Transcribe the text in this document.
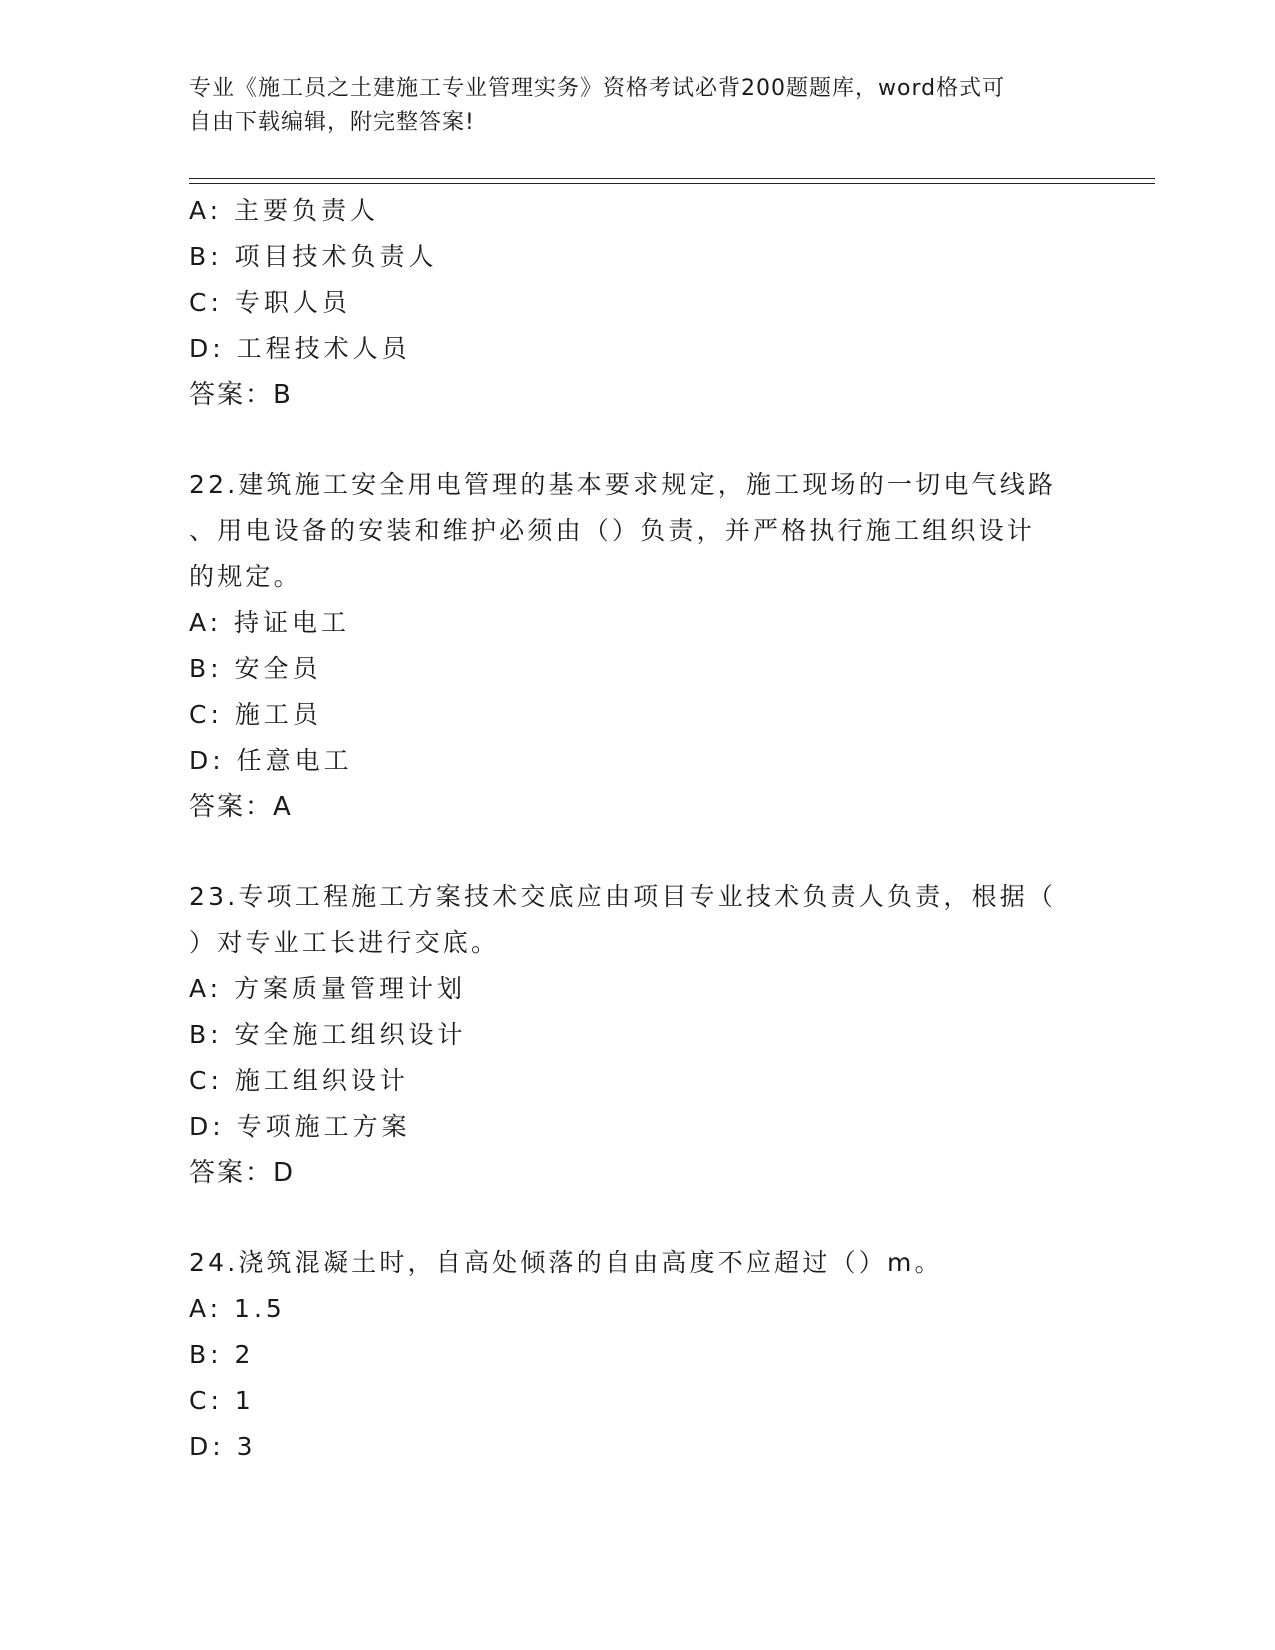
专业《施工员之土建施工专业管理实务》资格考试必背200题题库，word格式可
自由下载编辑，附完整答案!
A: 主要负责人
B: 项目技术负责人
C: 专职人员
D: 工程技术人员
答案：B
22.建筑施工安全用电管理的基本要求规定，施工现场的一切电气线路
、用电设备的安装和维护必须由（）负责，并严格执行施工组织设计
的规定。
A: 持证电工
B: 安全员
C: 施工员
D: 任意电工
答案：A
23.专项工程施工方案技术交底应由项目专业技术负责人负责，根据（
）对专业工长进行交底。
A: 方案质量管理计划
B: 安全施工组织设计
C: 施工组织设计
D: 专项施工方案
答案：D
24.浇筑混凝土时，自高处倾落的自由高度不应超过（）m。
A: 1.5
B: 2
C: 1
D: 3
